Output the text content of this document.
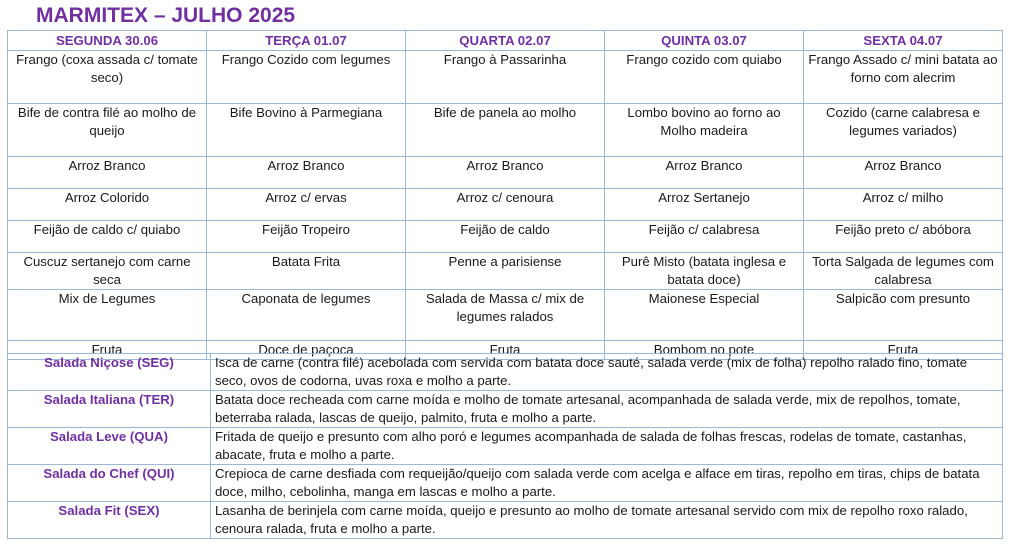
MARMITEX – JULHO 2025
SEGUNDA 30.06	TERÇA 01.07	QUARTA 02.07	QUINTA 03.07	SEXTA 04.07
Frango (coxa assada c/ tomate seco)	Frango Cozido com legumes	Frango à Passarinha	Frango cozido com quiabo	Frango Assado c/ mini batata ao forno com alecrim
Bife de contra filé ao molho de queijo	Bife Bovino à Parmegiana	Bife de panela ao molho	Lombo bovino ao forno ao Molho madeira	Cozido (carne calabresa e legumes variados)
Arroz Branco	Arroz Branco	Arroz Branco	Arroz Branco	Arroz Branco
Arroz Colorido	Arroz c/ ervas	Arroz c/ cenoura	Arroz Sertanejo	Arroz c/ milho
Feijão de caldo c/ quiabo	Feijão Tropeiro	Feijão de caldo	Feijão c/ calabresa	Feijão preto c/ abóbora
Cuscuz sertanejo com carne seca	Batata Frita	Penne a parisiense	Purê Misto (batata inglesa e batata doce)	Torta Salgada de legumes com calabresa
Mix de Legumes	Caponata de legumes	Salada de Massa c/ mix de legumes ralados	Maionese Especial	Salpicão com presunto
Fruta	Doce de paçoca	Fruta	Bombom no pote	Fruta
Salada Niçose (SEG)	Isca de carne (contra filé) acebolada com servida com batata doce sauté, salada verde (mix de folha) repolho ralado fino, tomate seco, ovos de codorna, uvas roxa e molho a parte.
Salada Italiana (TER)	Batata doce recheada com carne moída e molho de tomate artesanal, acompanhada de salada verde, mix de repolhos, tomate, beterraba ralada, lascas de queijo, palmito, fruta e molho a parte.
Salada Leve (QUA)	Fritada de queijo e presunto com alho poró e legumes acompanhada de salada de folhas frescas, rodelas de tomate, castanhas, abacate, fruta e molho a parte.
Salada do Chef (QUI)	Crepioca de carne desfiada com requeijão/queijo com salada verde com acelga e alface em tiras, repolho em tiras, chips de batata doce, milho, cebolinha, manga em lascas e molho a parte.
Salada Fit (SEX)	Lasanha de berinjela com carne moída, queijo e presunto ao molho de tomate artesanal servido com mix de repolho roxo ralado, cenoura ralada, fruta e molho a parte.
